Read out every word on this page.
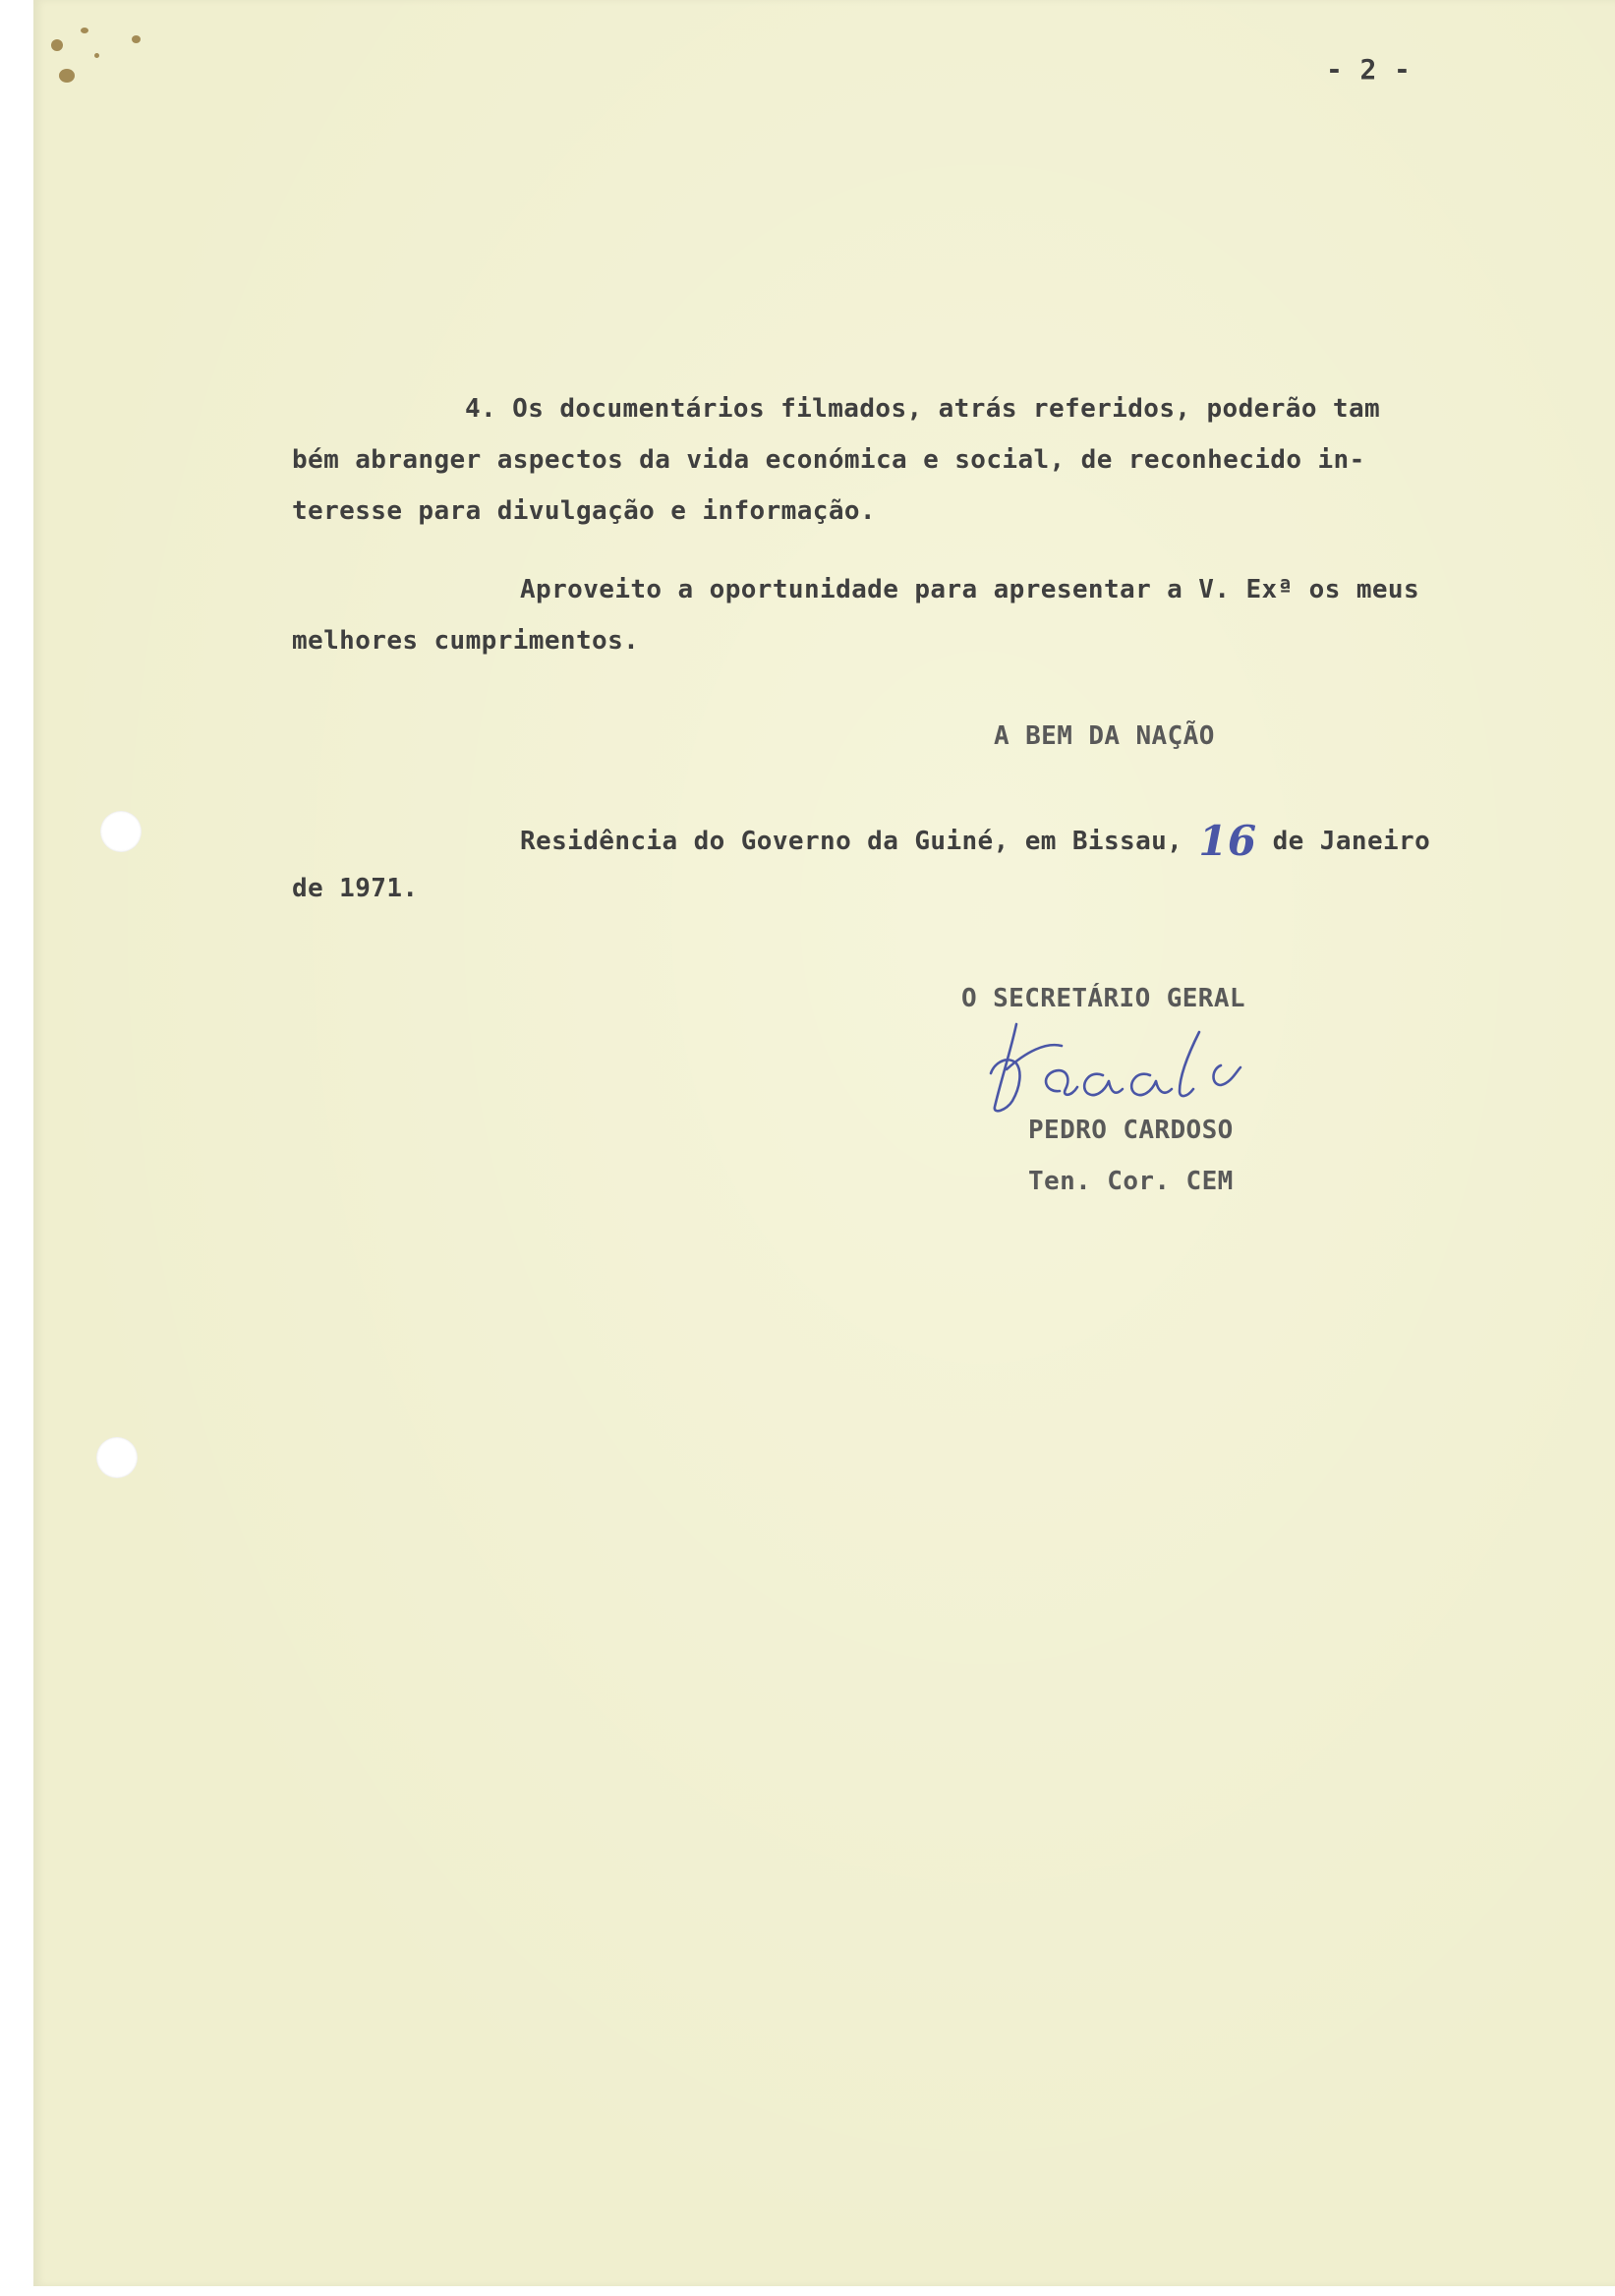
- 2 -

4. Os documentários filmados, atrás referidos, poderão tam

bém abranger aspectos da vida económica e social, de reconhecido in-

teresse para divulgação e informação.

Aproveito a oportunidade para apresentar a V. Exª os meus

melhores cumprimentos.

A BEM DA NAÇÃO

Residência do Governo da Guiné, em Bissau, 16 de Janeiro

de 1971.

O SECRETÁRIO GERAL

PEDRO CARDOSO

Ten. Cor. CEM
